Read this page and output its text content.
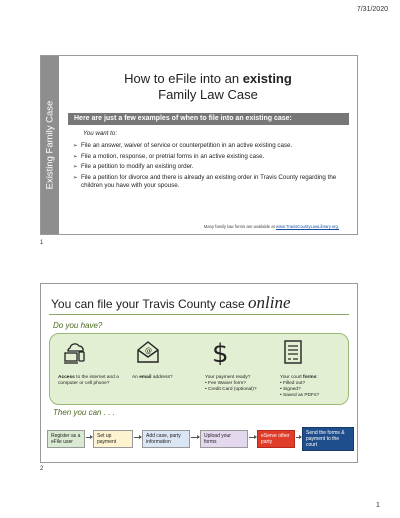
7/31/2020
Existing Family Case
How to eFile into an existing
Family Law Case
Here are just a few examples of when to file into an existing case:
You want to:
➢ File an answer, waiver of service or counterpetition in an active existing case.
➢ File a motion, response, or pretrial forms in an active existing case.
➢ File a petition to modify an existing order.
➢ File a petition for divorce and there is already an existing order in Travis County regarding the children you have with your spouse.
Many family law forms are available at www.TravisCountyLawLibrary.org.
1
You can file your Travis County case online
Do you have?
@ $
Access to the internet and a computer or cell phone?
An email address?	Your payment ready?
• Fee Waiver form?
• Credit Card (optional)?
Your court forms:
• Filled out?
• Signed?
• Saved as PDFs?
Then you can . . .
Register as a eFile user
Set up payment
Add case, party information
Upload your forms
eServe other party
Send the forms & payment to the court
2
1
